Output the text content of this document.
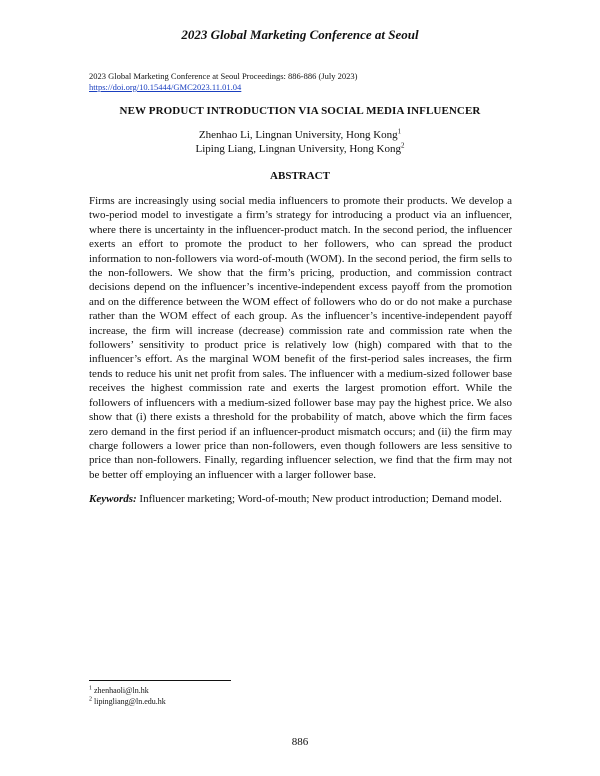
2023 Global Marketing Conference at Seoul
2023 Global Marketing Conference at Seoul Proceedings: 886-886 (July 2023)
https://doi.org/10.15444/GMC2023.11.01.04
NEW PRODUCT INTRODUCTION VIA SOCIAL MEDIA INFLUENCER
Zhenhao Li, Lingnan University, Hong Kong$^1$
Liping Liang, Lingnan University, Hong Kong$^2$
ABSTRACT
Firms are increasingly using social media influencers to promote their products. We develop a two-period model to investigate a firm’s strategy for introducing a product via an influencer, where there is uncertainty in the influencer-product match. In the second period, the influencer exerts an effort to promote the product to her followers, who can spread the product information to non-followers via word-of-mouth (WOM). In the second period, the firm sells to the non-followers. We show that the firm’s pricing, production, and commission contract decisions depend on the influencer’s incentive-independent excess payoff from the promotion and on the difference between the WOM effect of followers who do or do not make a purchase rather than the WOM effect of each group. As the influencer’s incentive-independent payoff increase, the firm will increase (decrease) commission rate and commission rate when the followers’ sensitivity to product price is relatively low (high) compared with that to the influencer’s effort. As the marginal WOM benefit of the first-period sales increases, the firm tends to reduce his unit net profit from sales. The influencer with a medium-sized follower base receives the highest commission rate and exerts the largest promotion effort. While the followers of influencers with a medium-sized follower base may pay the highest price. We also show that (i) there exists a threshold for the probability of match, above which the firm faces zero demand in the first period if an influencer-product mismatch occurs; and (ii) the firm may charge followers a lower price than non-followers, even though followers are less sensitive to price than non-followers. Finally, regarding influencer selection, we find that the firm may not be better off employing an influencer with a larger follower base.
Keywords: Influencer marketing; Word-of-mouth; New product introduction; Demand model.
$^1$ zhenhaoli@ln.hk
$^2$ lipingliang@ln.edu.hk
886
